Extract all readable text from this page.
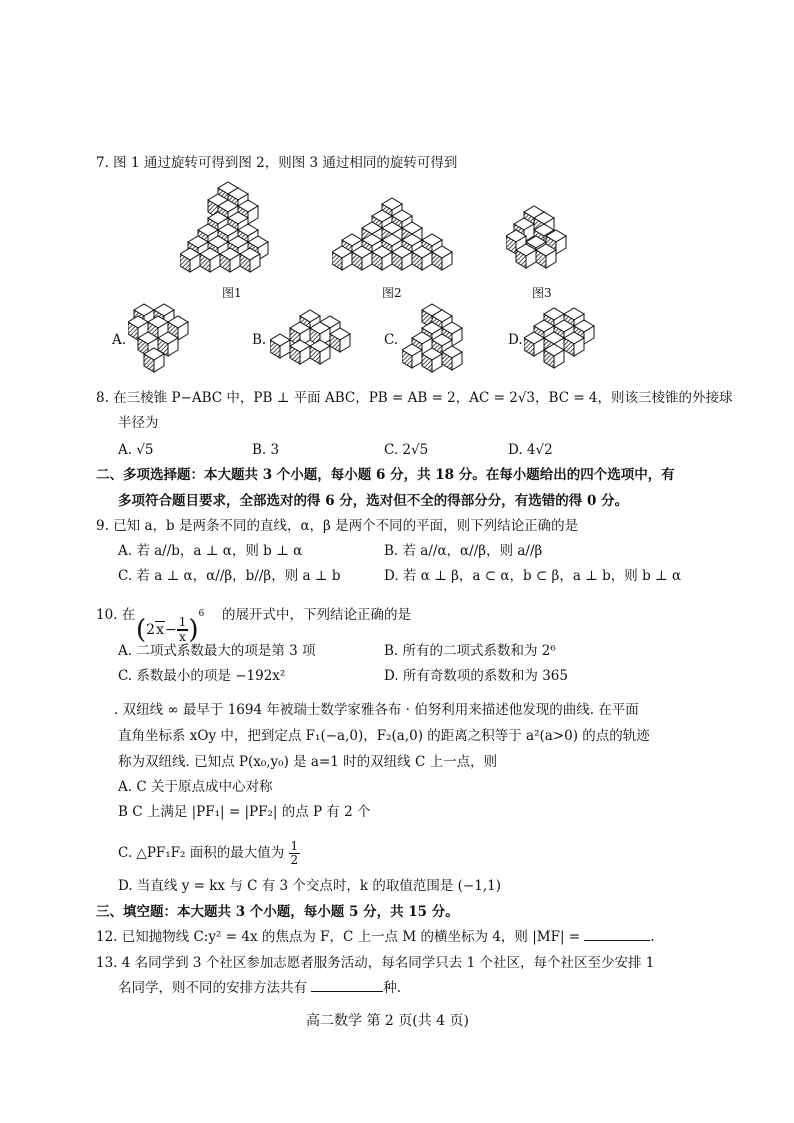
7. 图 1 通过旋转可得到图 2，则图 3 通过相同的旋转可得到
图1	图2	图3
A.	B.	C.	D.
8. 在三棱锥 P−ABC 中，PB ⊥ 平面 ABC，PB = AB = 2，AC = 2√3，BC = 4，则该三棱锥的外接球
半径为
A. √5	B. 3	C. 2√5	D. 4√2
二、多项选择题：本大题共 3 个小题，每小题 6 分，共 18 分。在每小题给出的四个选项中，有
多项符合题目要求，全部选对的得 6 分，选对但不全的得部分分，有选错的得 0 分。
9. 已知 a，b 是两条不同的直线，α，β 是两个不同的平面，则下列结论正确的是
A. 若 a//b，a ⊥ α，则 b ⊥ α	B. 若 a//α，α//β，则 a//β
C. 若 a ⊥ α，α//β，b//β，则 a ⊥ b	D. 若 α ⊥ β，a ⊂ α，b ⊂ β，a ⊥ b，则 b ⊥ α
10. 在 $(2x- \frac{1}{x} )^6$ 的展开式中，下列结论正确的是
A. 二项式系数最大的项是第 3 项	B. 所有的二项式系数和为 2⁶
C. 系数最小的项是 −192x²	D. 所有奇数项的系数和为 365
. 双纽线 ∞ 最早于 1694 年被瑞士数学家雅各布 · 伯努利用来描述他发现的曲线. 在平面
直角坐标系 xOy 中，把到定点 F₁(−a,0)，F₂(a,0) 的距离之积等于 a²(a>0) 的点的轨迹
称为双纽线. 已知点 P(x₀,y₀) 是 a=1 时的双纽线 C 上一点，则
A. C 关于原点成中心对称
B C 上满足 |PF₁| = |PF₂| 的点 P 有 2 个
C. △PF₁F₂ 面积的最大值为 $\frac{1}{2}$
D. 当直线 y = kx 与 C 有 3 个交点时，k 的取值范围是 (−1,1)
三、填空题：本大题共 3 个小题，每小题 5 分，共 15 分。
12. 已知抛物线 C:y² = 4x 的焦点为 F，C 上一点 M 的横坐标为 4，则 |MF| =	.
13. 4 名同学到 3 个社区参加志愿者服务活动，每名同学只去 1 个社区，每个社区至少安排 1
名同学，则不同的安排方法共有	种.
高二数学 第 2 页(共 4 页)
